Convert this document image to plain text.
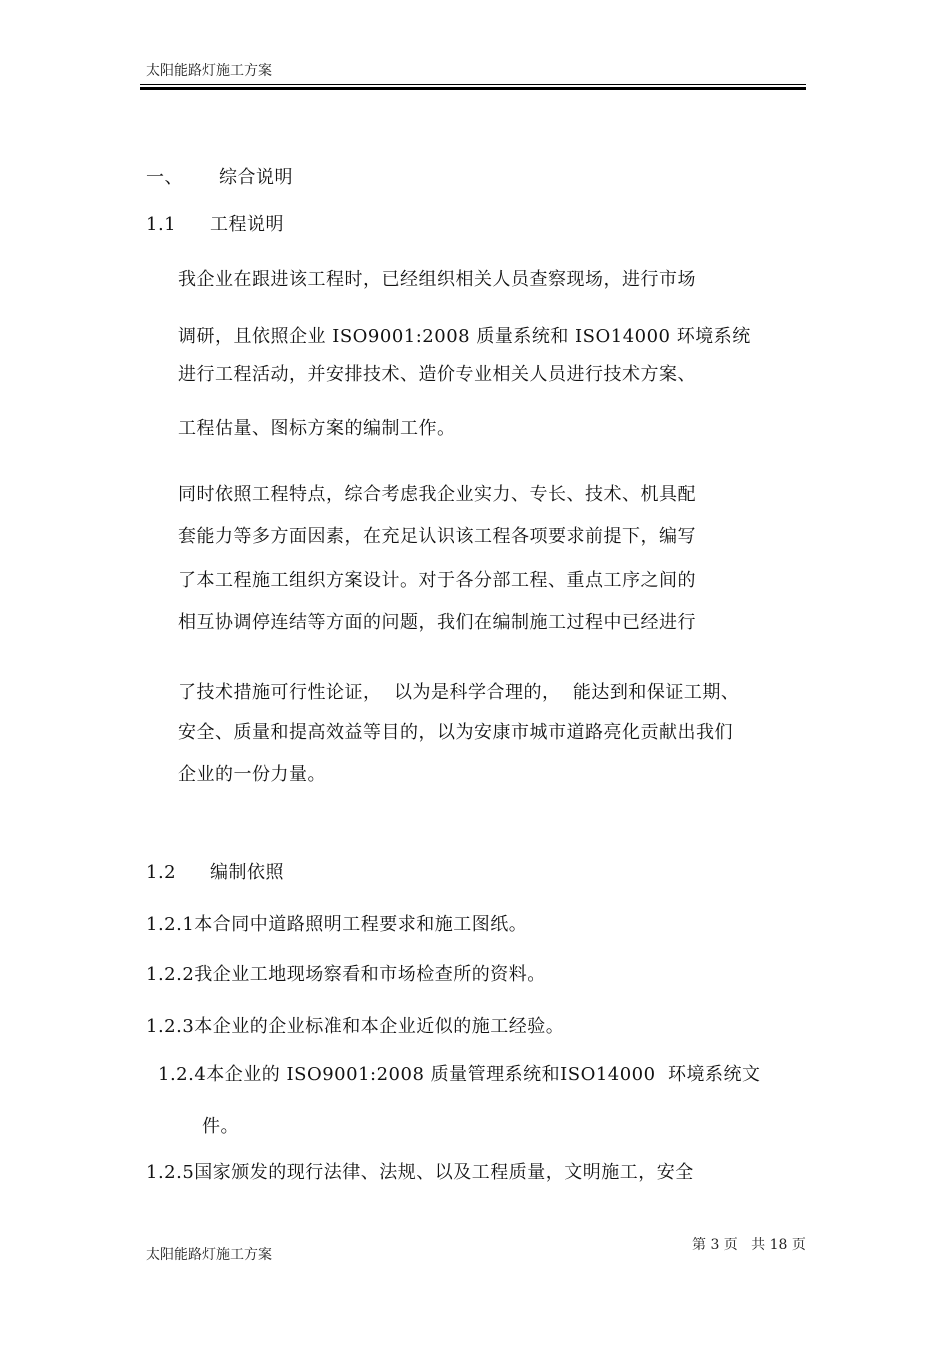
太阳能路灯施工方案
一、 综合说明
1.1 工程说明
我企业在跟进该工程时，已经组织相关人员查察现场，进行市场
调研，且依照企业 ISO9001:2008 质量系统和 ISO14000 环境系统
进行工程活动，并安排技术、造价专业相关人员进行技术方案、
工程估量、图标方案的编制工作。
同时依照工程特点，综合考虑我企业实力、专长、技术、机具配
套能力等多方面因素，在充足认识该工程各项要求前提下，编写
了本工程施工组织方案设计。对于各分部工程、重点工序之间的
相互协调停连结等方面的问题，我们在编制施工过程中已经进行
了技术措施可行性论证，  以为是科学合理的，  能达到和保证工期、
安全、质量和提高效益等目的，以为安康市城市道路亮化贡献出我们
企业的一份力量。
1.2 编制依照
1.2.1本合同中道路照明工程要求和施工图纸。
1.2.2我企业工地现场察看和市场检查所的资料。
1.2.3本企业的企业标准和本企业近似的施工经验。
1.2.4本企业的 ISO9001:2008 质量管理系统和ISO14000  环境系统文
件。
1.2.5国家颁发的现行法律、法规、以及工程质量，文明施工，安全
第 3 页   共 18 页
太阳能路灯施工方案
